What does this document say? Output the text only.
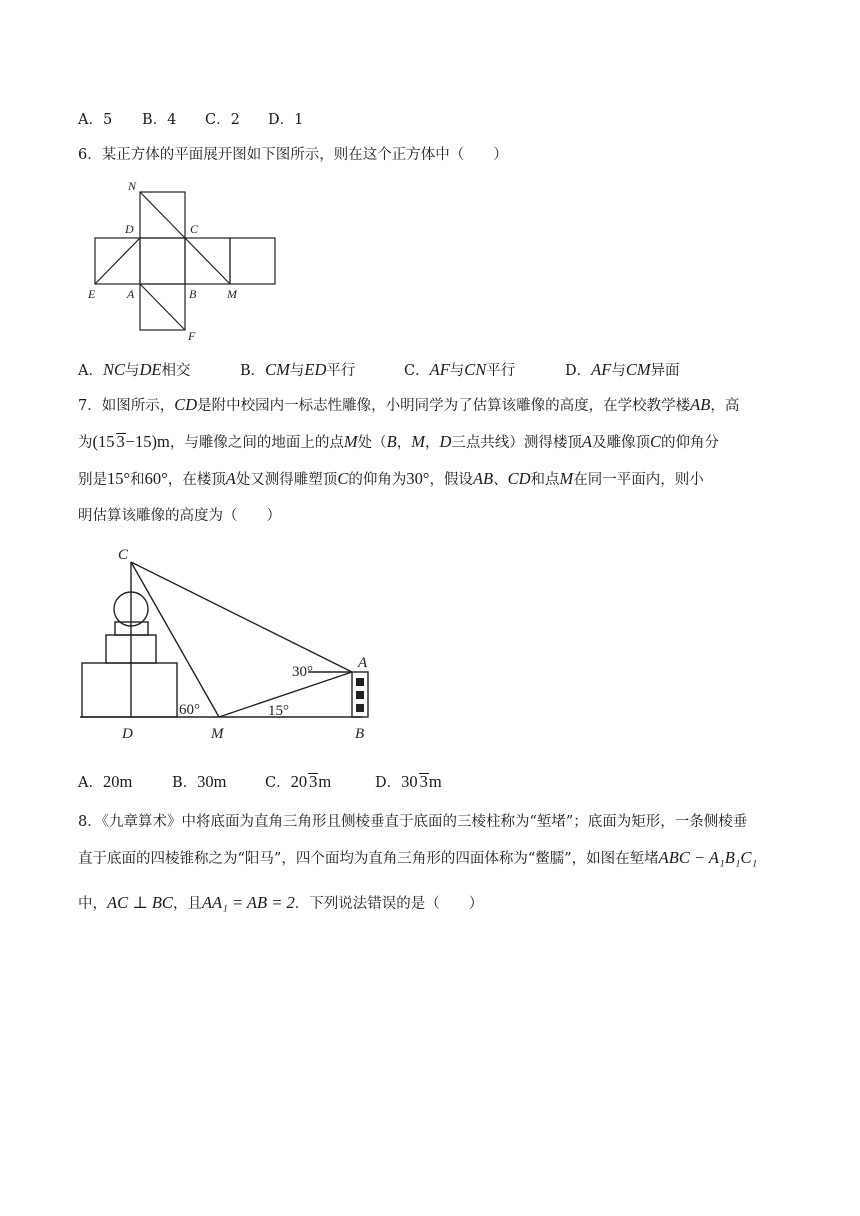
A．5 B．4 C．2 D．1
6．某正方体的平面展开图如下图所示，则在这个正方体中（　　）
N
D	C
E	A	B	M
F
A．NC与DE相交	B．CM与ED平行	C．AF与CN平行	D．AF与CM异面
7．如图所示，CD是附中校园内一标志性雕像，小明同学为了估算该雕像的高度，在学校教学楼AB，高
为(15 3−15)m，与雕像之间的地面上的点M处（B，M，D三点共线）测得楼顶A及雕像顶C的仰角分
别是15°和60°，在楼顶A处又测得雕塑顶C的仰角为30°，假设AB、CD和点M在同一平面内，则小
明估算该雕像的高度为（　　）
C
A
D	M	B
30°
60°	15°
A．20m	B．30m	C．20 3m	D．30 3m
8．《九章算术》中将底面为直角三角形且侧棱垂直于底面的三棱柱称为“堑堵”；底面为矩形，一条侧棱垂
直于底面的四棱锥称之为“阳马”，四个面均为直角三角形的四面体称为“鳖臑”，如图在堑堵ABC − A₁B₁C₁
中，AC ⊥ BC，且AA₁ = AB = 2．下列说法错误的是（　　）
